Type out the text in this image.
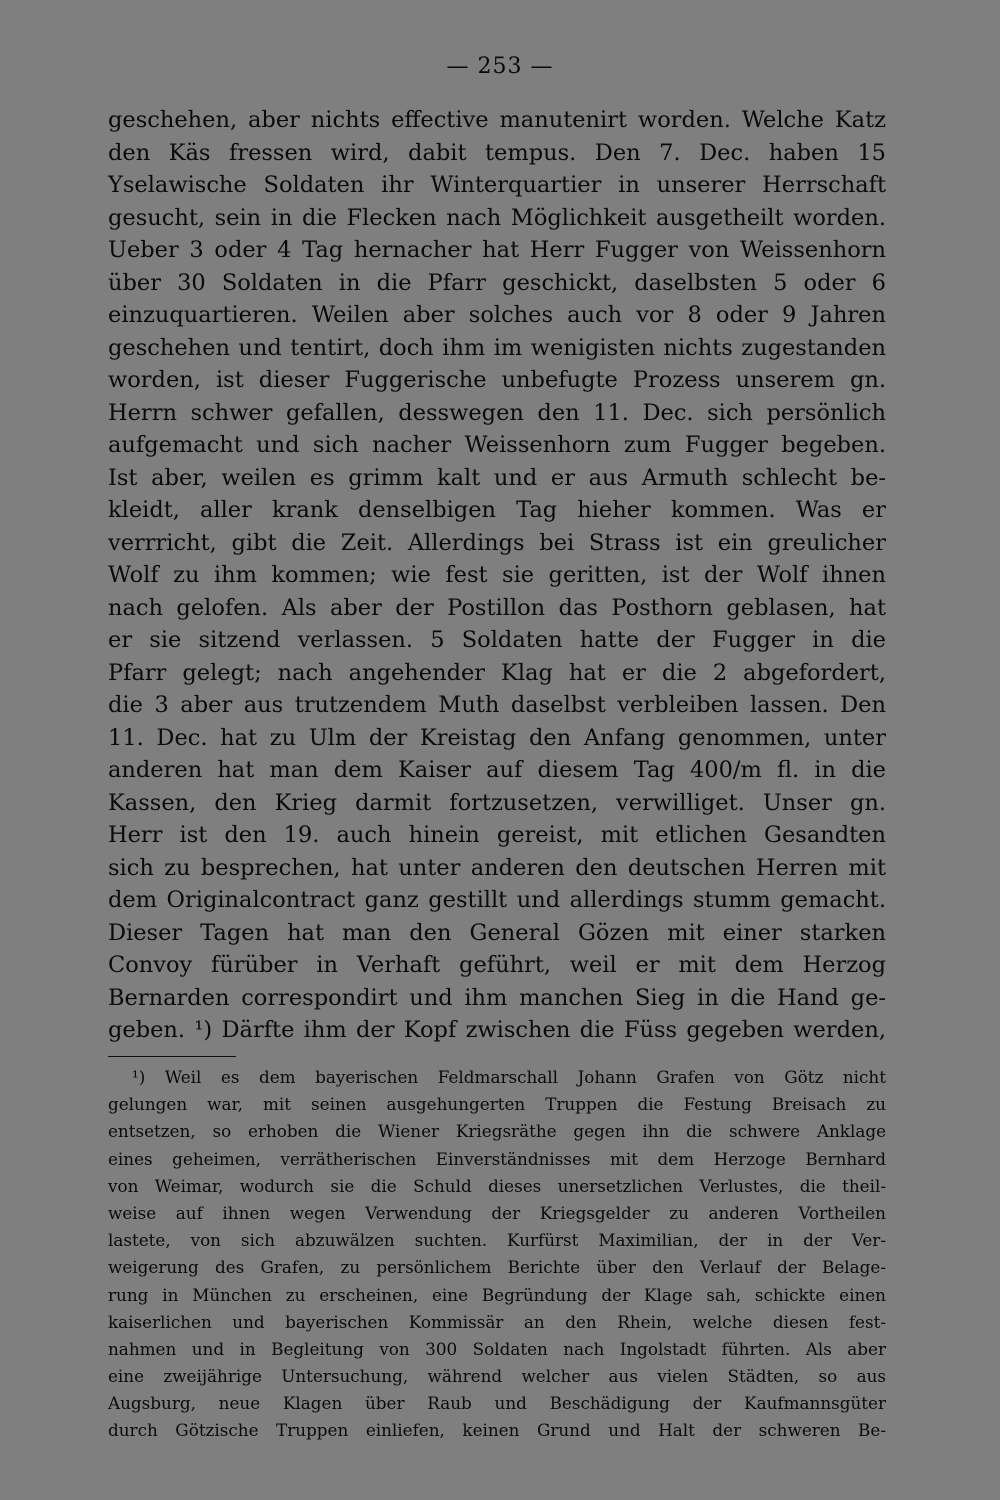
— 253 —
geschehen, aber nichts effective manutenirt worden. Welche Katz
den Käs fressen wird, dabit tempus. Den 7. Dec. haben 15
Yselawische Soldaten ihr Winterquartier in unserer Herrschaft
gesucht, sein in die Flecken nach Möglichkeit ausgetheilt worden.
Ueber 3 oder 4 Tag hernacher hat Herr Fugger von Weissenhorn
über 30 Soldaten in die Pfarr geschickt, daselbsten 5 oder 6
einzuquartieren. Weilen aber solches auch vor 8 oder 9 Jahren
geschehen und tentirt, doch ihm im wenigisten nichts zugestanden
worden, ist dieser Fuggerische unbefugte Prozess unserem gn.
Herrn schwer gefallen, desswegen den 11. Dec. sich persönlich
aufgemacht und sich nacher Weissenhorn zum Fugger begeben.
Ist aber, weilen es grimm kalt und er aus Armuth schlecht be-
kleidt, aller krank denselbigen Tag hieher kommen. Was er
verrricht, gibt die Zeit. Allerdings bei Strass ist ein greulicher
Wolf zu ihm kommen; wie fest sie geritten, ist der Wolf ihnen
nach gelofen. Als aber der Postillon das Posthorn geblasen, hat
er sie sitzend verlassen. 5 Soldaten hatte der Fugger in die
Pfarr gelegt; nach angehender Klag hat er die 2 abgefordert,
die 3 aber aus trutzendem Muth daselbst verbleiben lassen. Den
11. Dec. hat zu Ulm der Kreistag den Anfang genommen, unter
anderen hat man dem Kaiser auf diesem Tag 400/m fl. in die
Kassen, den Krieg darmit fortzusetzen, verwilliget. Unser gn.
Herr ist den 19. auch hinein gereist, mit etlichen Gesandten
sich zu besprechen, hat unter anderen den deutschen Herren mit
dem Originalcontract ganz gestillt und allerdings stumm gemacht.
Dieser Tagen hat man den General Gözen mit einer starken
Convoy fürüber in Verhaft geführt, weil er mit dem Herzog
Bernarden correspondirt und ihm manchen Sieg in die Hand ge-
geben. ¹) Därfte ihm der Kopf zwischen die Füss gegeben werden,
¹) Weil es dem bayerischen Feldmarschall Johann Grafen von Götz nicht
gelungen war, mit seinen ausgehungerten Truppen die Festung Breisach zu
entsetzen, so erhoben die Wiener Kriegsräthe gegen ihn die schwere Anklage
eines geheimen, verrätherischen Einverständnisses mit dem Herzoge Bernhard
von Weimar, wodurch sie die Schuld dieses unersetzlichen Verlustes, die theil-
weise auf ihnen wegen Verwendung der Kriegsgelder zu anderen Vortheilen
lastete, von sich abzuwälzen suchten. Kurfürst Maximilian, der in der Ver-
weigerung des Grafen, zu persönlichem Berichte über den Verlauf der Belage-
rung in München zu erscheinen, eine Begründung der Klage sah, schickte einen
kaiserlichen und bayerischen Kommissär an den Rhein, welche diesen fest-
nahmen und in Begleitung von 300 Soldaten nach Ingolstadt führten. Als aber
eine zweijährige Untersuchung, während welcher aus vielen Städten, so aus
Augsburg, neue Klagen über Raub und Beschädigung der Kaufmannsgüter
durch Götzische Truppen einliefen, keinen Grund und Halt der schweren Be-
